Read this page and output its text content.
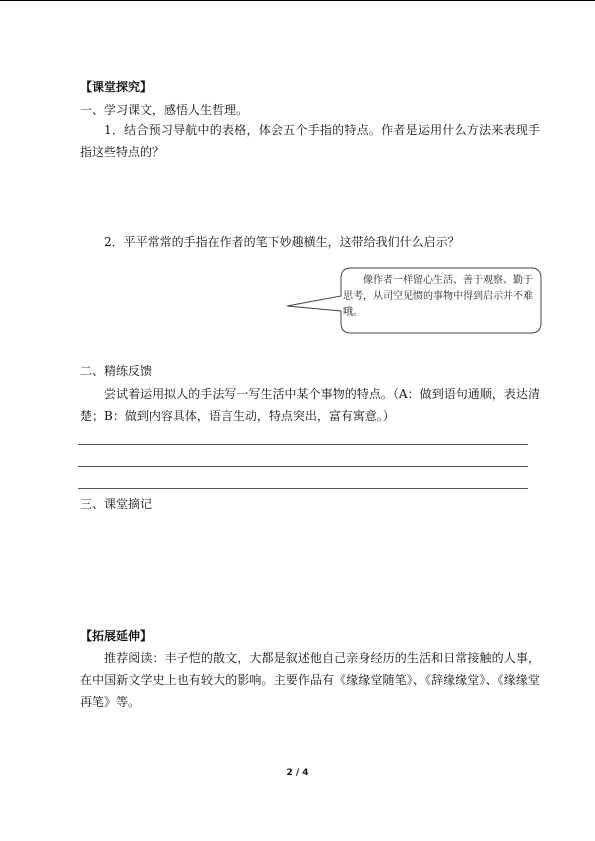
【课堂探究】

一、学习课文，感悟人生哲理。

1．结合预习导航中的表格，体会五个手指的特点。作者是运用什么方法来表现手指这些特点的？

2．平平常常的手指在作者的笔下妙趣横生，这带给我们什么启示？

像作者一样留心生活、善于观察、勤于思考，从司空见惯的事物中得到启示并不难哦。

二、精练反馈

尝试着运用拟人的手法写一写生活中某个事物的特点。（A：做到语句通顺，表达清楚；B：做到内容具体，语言生动，特点突出，富有寓意。）

三、课堂摘记

【拓展延伸】

推荐阅读：丰子恺的散文，大都是叙述他自己亲身经历的生活和日常接触的人事，在中国新文学史上也有较大的影响。主要作品有《缘缘堂随笔》、《辞缘缘堂》、《缘缘堂再笔》等。

2 / 4
